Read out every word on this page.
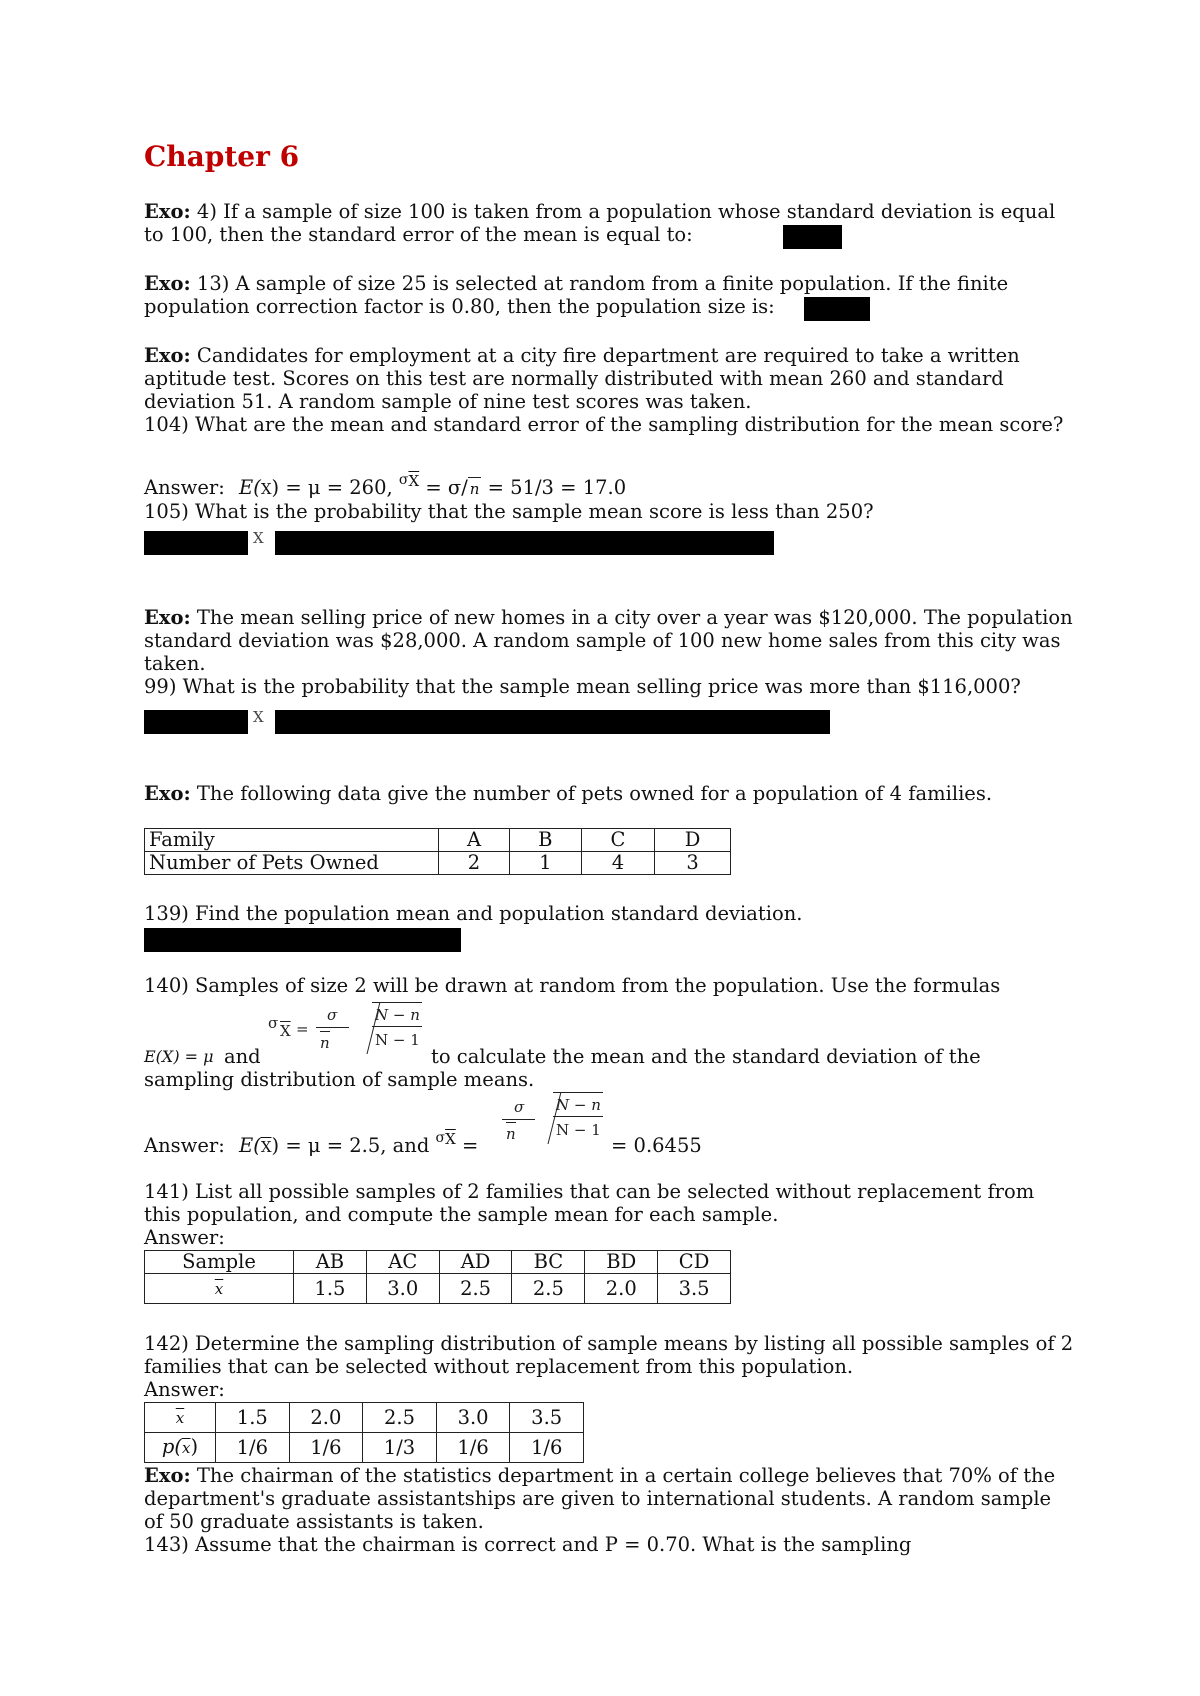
Chapter 6

Exo: 4) If a sample of size 100 is taken from a population whose standard deviation is equal to 100, then the standard error of the mean is equal to:

Exo: 13) A sample of size 25 is selected at random from a finite population. If the finite population correction factor is 0.80, then the population size is:

Exo: Candidates for employment at a city fire department are required to take a written aptitude test. Scores on this test are normally distributed with mean 260 and standard deviation 51. A random sample of nine test scores was taken.

104) What are the mean and standard error of the sampling distribution for the mean score?

Answer: E(X) = μ = 260, $^{\sigma\overline{X}}$ = σ/ n = 51/3 = 17.0
105) What is the probability that the sample mean score is less than 250?
X

Exo: The mean selling price of new homes in a city over a year was $120,000. The population standard deviation was $28,000. A random sample of 100 new home sales from this city was taken.

99) What is the probability that the sample mean selling price was more than $116,000?

X

Exo: The following data give the number of pets owned for a population of 4 families.

Family	A	B	C	D
Number of Pets Owned	2	1	4	3
139) Find the population mean and population standard deviation.
140) Samples of size 2 will be drawn at random from the population. Use the formulas
σ $\overline{X}$ =
σ
n
N − n
N − 1
E(X) = μ and	to calculate the mean and the standard deviation of the
sampling distribution of sample means.
Answer: $E(\overline{X}) = \mu = 2.5$, and $^{\sigma\overline{X}}$ =
σ
n
N − n
N − 1
= 0.6455

141) List all possible samples of 2 families that can be selected without replacement from this population, and compute the sample mean for each sample.

Answer:

Sample	AB	AC	AD	BC	BD	CD
$\overline{x}$	1.5	3.0	2.5	2.5	2.0	3.5

142) Determine the sampling distribution of sample means by listing all possible samples of 2 families that can be selected without replacement from this population.

Answer:

$\overline{x}$	1.5	2.0	2.5	3.0	3.5
$p(\overline{x})$	1/6	1/6	1/3	1/6	1/6

Exo: The chairman of the statistics department in a certain college believes that 70% of the department's graduate assistantships are given to international students. A random sample of 50 graduate assistants is taken.

143) Assume that the chairman is correct and P = 0.70. What is the sampling
